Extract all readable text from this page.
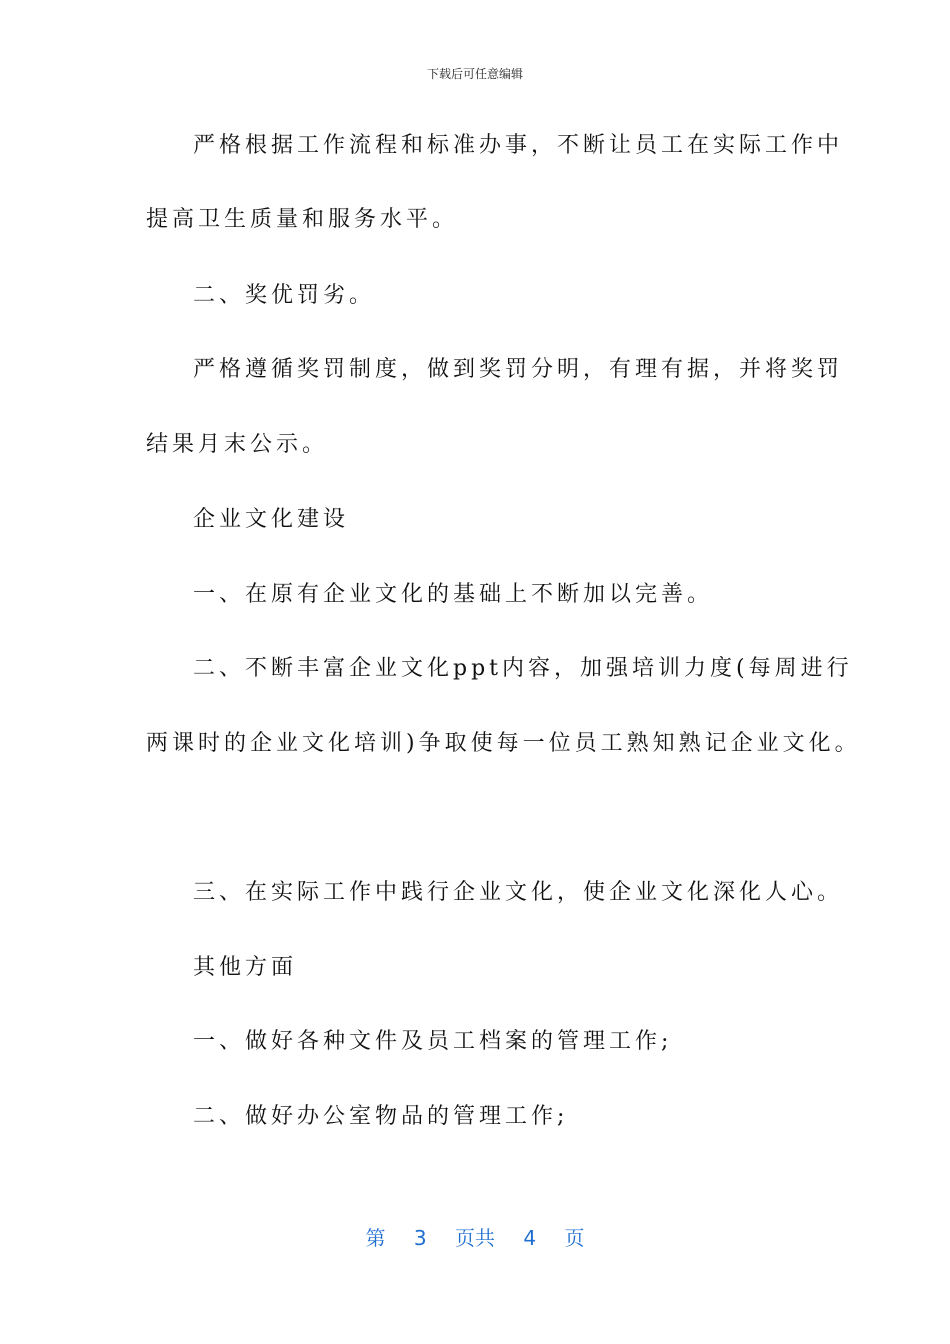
下载后可任意编辑
严格根据工作流程和标准办事，不断让员工在实际工作中
提高卫生质量和服务水平。
二、奖优罚劣。
严格遵循奖罚制度，做到奖罚分明，有理有据，并将奖罚
结果月末公示。
企业文化建设
一、在原有企业文化的基础上不断加以完善。
二、不断丰富企业文化ppt内容，加强培训力度(每周进行
两课时的企业文化培训)争取使每一位员工熟知熟记企业文化。
三、在实际工作中践行企业文化，使企业文化深化人心。
其他方面
一、做好各种文件及员工档案的管理工作;
二、做好办公室物品的管理工作;
第 3 页共 4 页
